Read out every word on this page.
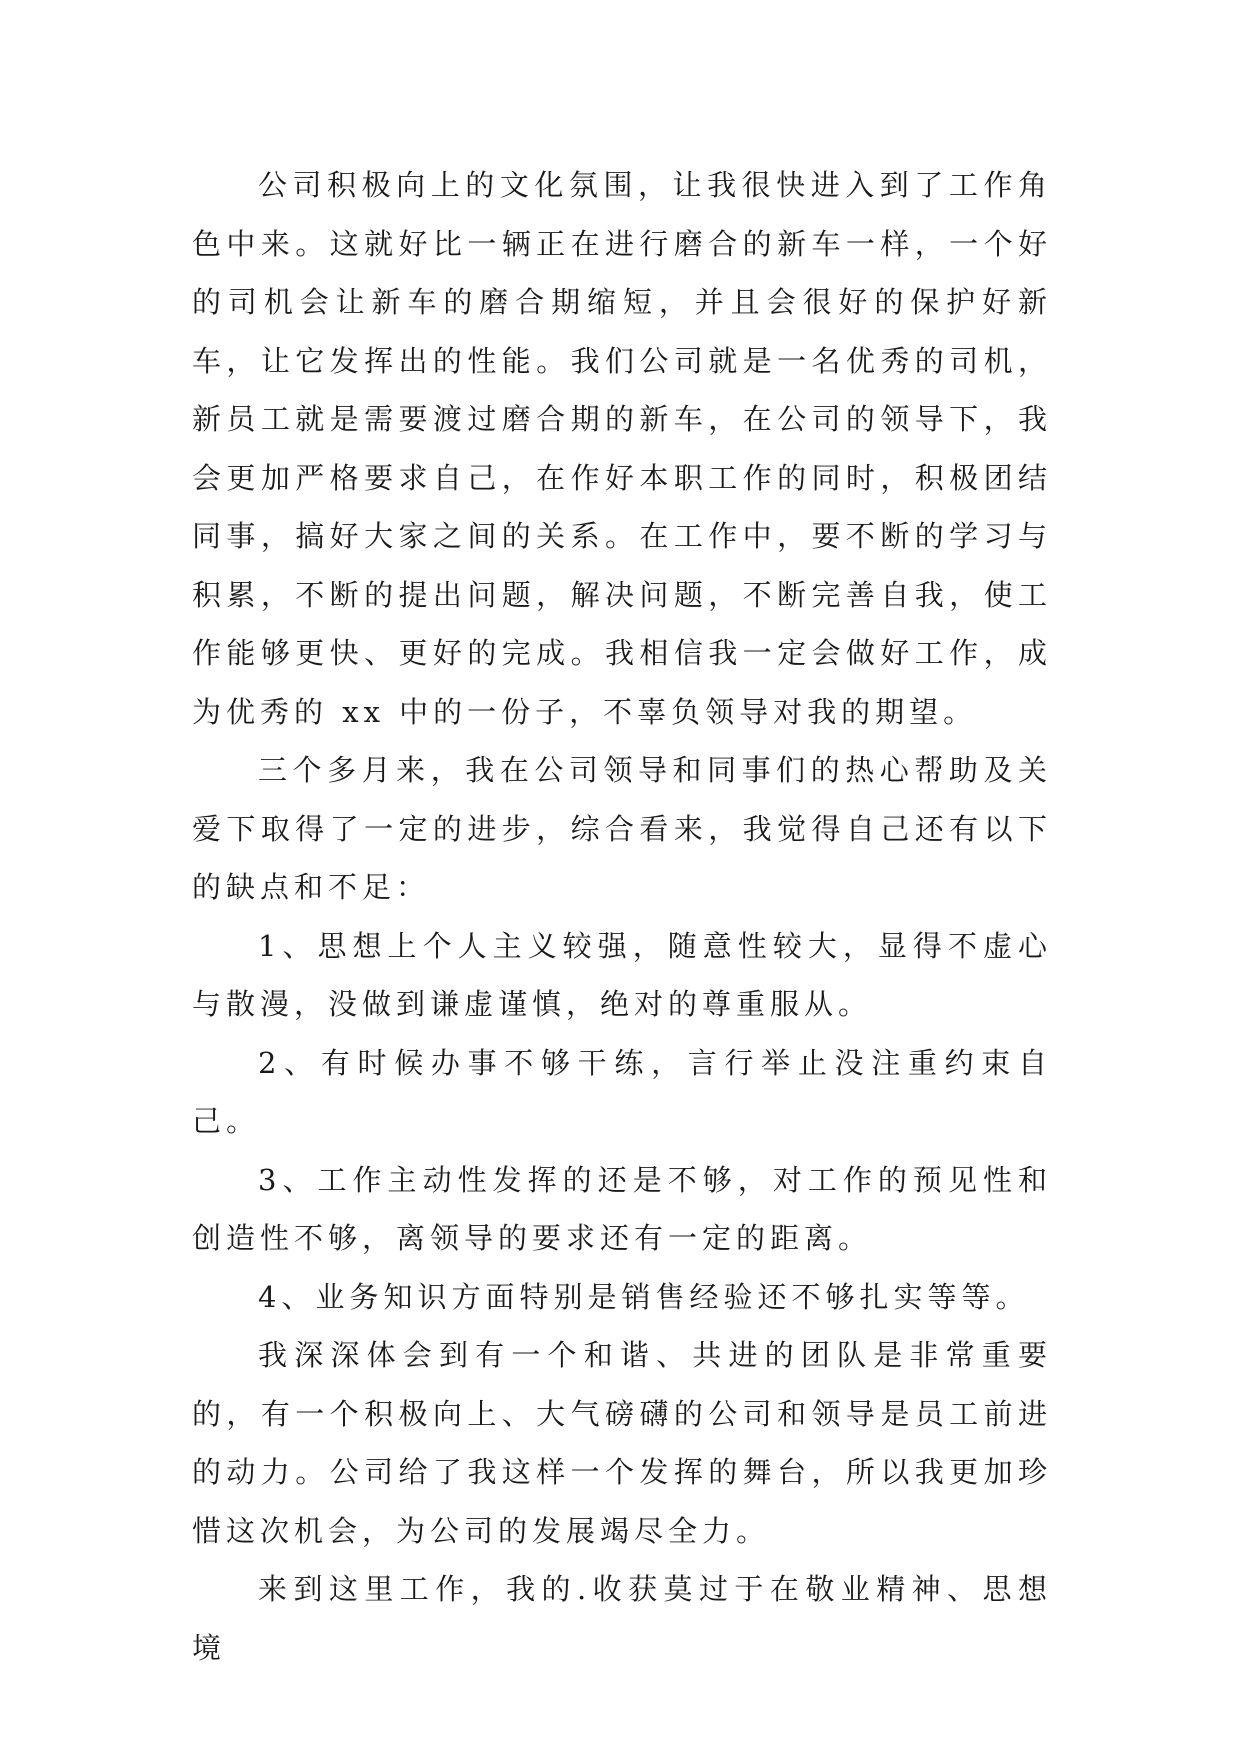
公司积极向上的文化氛围，让我很快进入到了工作角色中来。这就好比一辆正在进行磨合的新车一样，一个好的司机会让新车的磨合期缩短，并且会很好的保护好新车，让它发挥出的性能。我们公司就是一名优秀的司机，新员工就是需要渡过磨合期的新车，在公司的领导下，我会更加严格要求自己，在作好本职工作的同时，积极团结同事，搞好大家之间的关系。在工作中，要不断的学习与积累，不断的提出问题，解决问题，不断完善自我，使工作能够更快、更好的完成。我相信我一定会做好工作，成为优秀的 xx 中的一份子，不辜负领导对我的期望。

三个多月来，我在公司领导和同事们的热心帮助及关爱下取得了一定的进步，综合看来，我觉得自己还有以下的缺点和不足：

1、思想上个人主义较强，随意性较大，显得不虚心与散漫，没做到谦虚谨慎，绝对的尊重服从。

2、有时候办事不够干练，言行举止没注重约束自己。

3、工作主动性发挥的还是不够，对工作的预见性和创造性不够，离领导的要求还有一定的距离。

4、业务知识方面特别是销售经验还不够扎实等等。

我深深体会到有一个和谐、共进的团队是非常重要的，有一个积极向上、大气磅礴的公司和领导是员工前进的动力。公司给了我这样一个发挥的舞台，所以我更加珍惜这次机会，为公司的发展竭尽全力。

来到这里工作，我的.收获莫过于在敬业精神、思想境
